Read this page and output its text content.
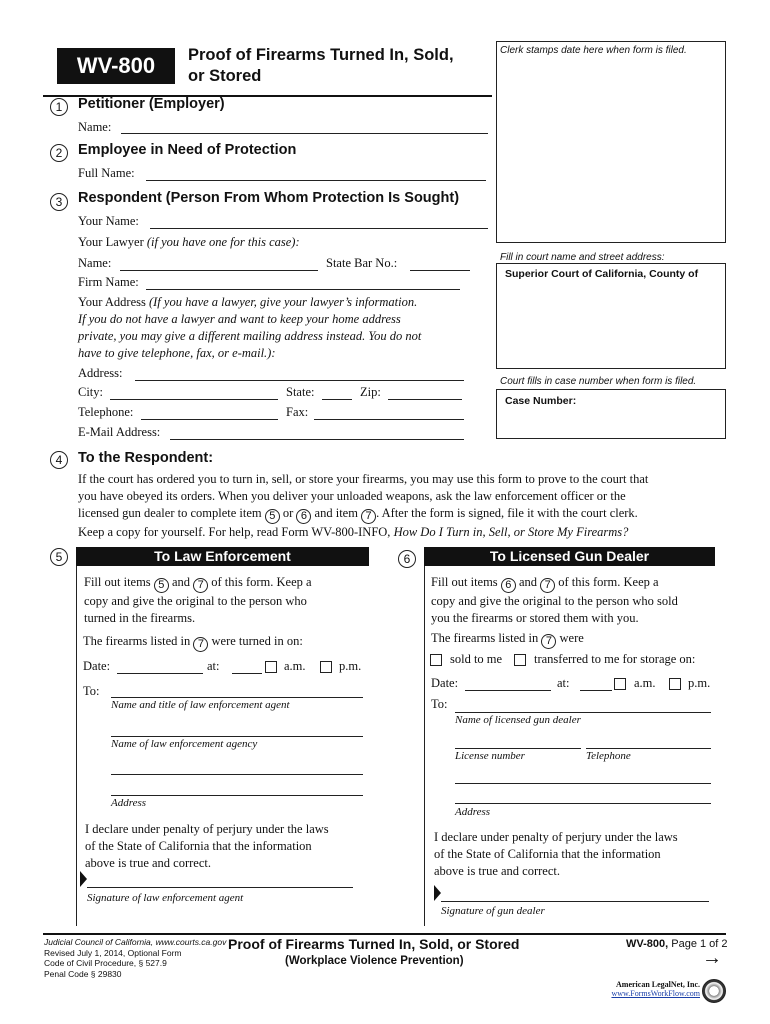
WV-800	Proof of Firearms Turned In, Sold,
or Stored
Clerk stamps date here when form is filed.
Fill in court name and street address:
Superior Court of California, County of
Court fills in case number when form is filed.
Case Number:
1	Petitioner (Employer)
Name:
2	Employee in Need of Protection
Full Name:
3	Respondent (Person From Whom Protection Is Sought)
Your Name:
Your Lawyer (if you have one for this case):
Name:	State Bar No.:
Firm Name:
Your Address (If you have a lawyer, give your lawyer’s information.
If you do not have a lawyer and want to keep your home address
private, you may give a different mailing address instead. You do not
have to give telephone, fax, or e-mail.):
Address:
City:	State:	Zip:
Telephone:	Fax:
E-Mail Address:
4	To the Respondent:
If the court has ordered you to turn in, sell, or store your firearms, you may use this form to prove to the court that
you have obeyed its orders. When you deliver your unloaded weapons, ask the law enforcement officer or the
licensed gun dealer to complete item 5 or 6 and item 7 . After the form is signed, file it with the court clerk.
Keep a copy for yourself. For help, read Form WV-800-INFO, How Do I Turn in, Sell, or Store My Firearms?
5	To Law Enforcement
Fill out items 5 and 7 of this form. Keep a
copy and give the original to the person who
turned in the firearms.
The firearms listed in 7 were turned in on:
Date:	at:	a.m.	p.m.
To:
Name and title of law enforcement agent
Name of law enforcement agency
Address
I declare under penalty of perjury under the laws
of the State of California that the information
above is true and correct.
Signature of law enforcement agent
6	To Licensed Gun Dealer
Fill out items 6 and 7 of this form. Keep a
copy and give the original to the person who sold
you the firearms or stored them with you.
The firearms listed in 7 were
sold to me	transferred to me for storage on:
Date:	at:	a.m.	p.m.
To:
Name of licensed gun dealer
License number	Telephone
Address
I declare under penalty of perjury under the laws
of the State of California that the information
above is true and correct.
Signature of gun dealer
Judicial Council of California, www.courts.ca.gov
Revised July 1, 2014, Optional Form
Code of Civil Procedure, § 527.9
Penal Code § 29830
Proof of Firearms Turned In, Sold, or Stored
(Workplace Violence Prevention)
WV-800, Page 1 of 2
→
American LegalNet, Inc.
www.FormsWorkFlow.com
